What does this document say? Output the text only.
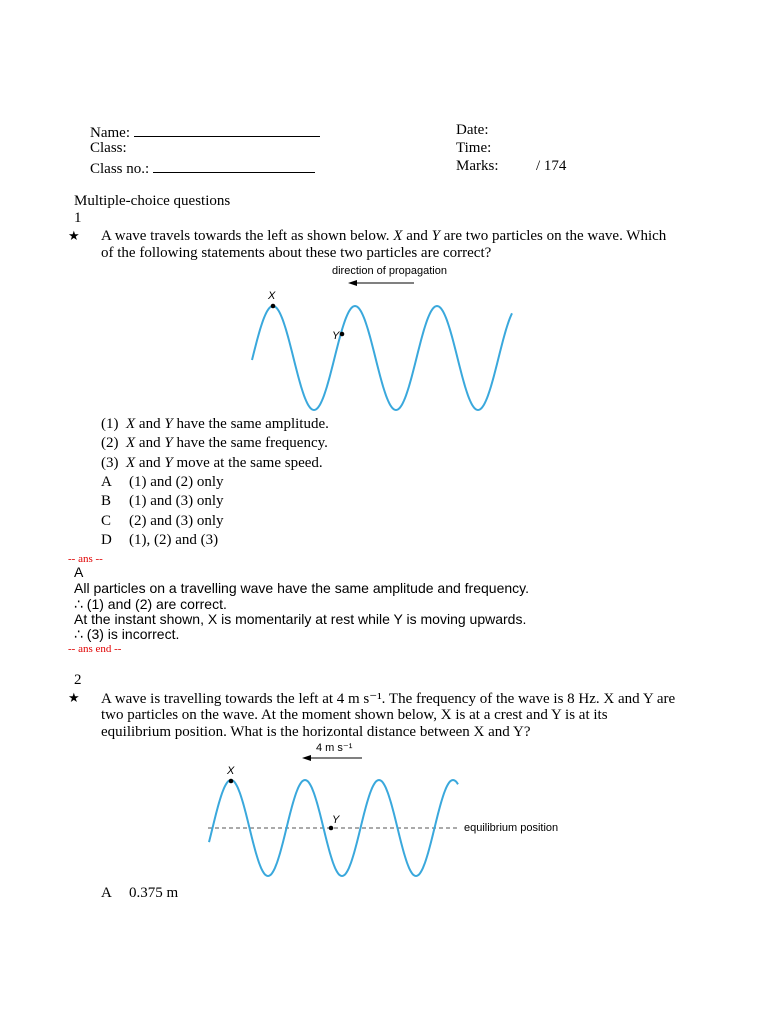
Name:
Class:
Class no.:
Date:
Time:
Marks:	/ 174
Multiple-choice questions
1
★ A wave travels towards the left as shown below. X and Y are two particles on the wave. Which
of the following statements about these two particles are correct?
direction of propagation
X
Y
(1) X and Y have the same amplitude.
(2) X and Y have the same frequency.
(3) X and Y move at the same speed.
A (1) and (2) only
B (1) and (3) only
C (2) and (3) only
D (1), (2) and (3)
-- ans --
A
All particles on a travelling wave have the same amplitude and frequency.
∴ (1) and (2) are correct.
At the instant shown, X is momentarily at rest while Y is moving upwards.
∴ (3) is incorrect.
-- ans end --
2
★ A wave is travelling towards the left at 4 m s⁻¹. The frequency of the wave is 8 Hz. X and Y are
two particles on the wave. At the moment shown below, X is at a crest and Y is at its
equilibrium position. What is the horizontal distance between X and Y?
4 m s⁻¹
X
Y
equilibrium position
A 0.375 m
